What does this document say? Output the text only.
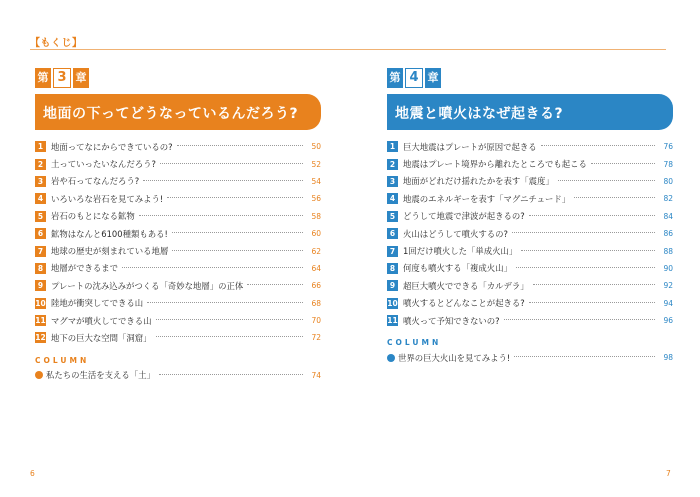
【もくじ】
第 3 章
地面の下ってどうなっているんだろう?
1 地面ってなにからできているの?	50
2 土っていったいなんだろう?	52
3 岩や石ってなんだろう?	54
4 いろいろな岩石を見てみよう!	56
5 岩石のもとになる鉱物	58
6 鉱物はなんと6100種類もある!	60
7 地球の歴史が刻まれている地層	62
8 地層ができるまで	64
9 プレートの沈み込みがつくる「奇妙な地層」の正体	66
10 陸地が衝突してできる山	68
11 マグマが噴火してできる山	70
12 地下の巨大な空間「洞窟」	72
COLUMN
私たちの生活を支える「土」	74
第 4 章
地震と噴火はなぜ起きる?
1 巨大地震はプレートが原因で起きる	76
2 地震はプレート境界から離れたところでも起こる	78
3 地面がどれだけ揺れたかを表す「震度」	80
4 地震のエネルギーを表す「マグニチュード」	82
5 どうして地震で津波が起きるの?	84
6 火山はどうして噴火するの?	86
7 1回だけ噴火した「単成火山」	88
8 何度も噴火する「複成火山」	90
9 超巨大噴火でできる「カルデラ」	92
10 噴火するとどんなことが起きる?	94
11 噴火って予知できないの?	96
COLUMN
世界の巨大火山を見てみよう!	98
6	7
